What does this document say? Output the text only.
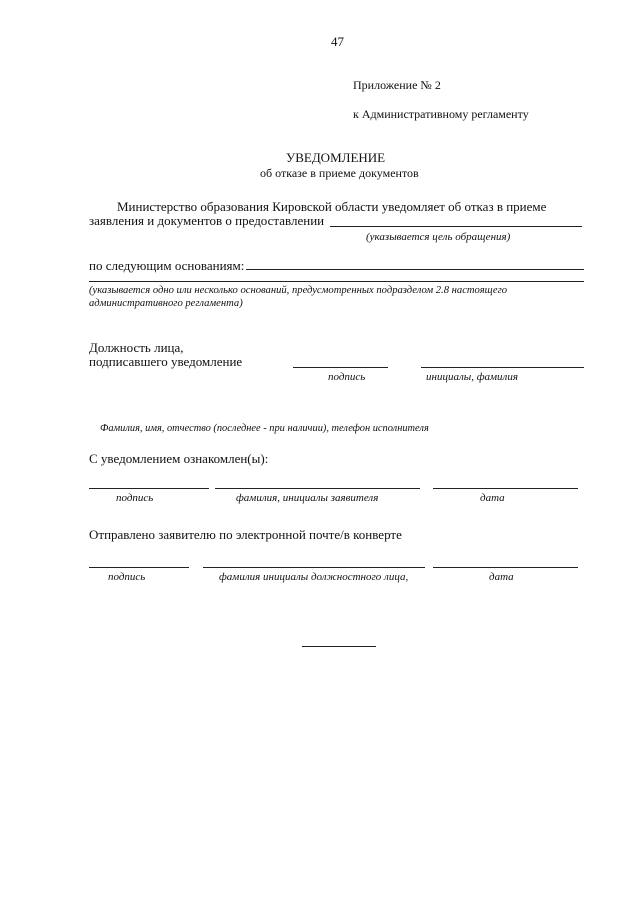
47
Приложение № 2
к Административному регламенту
УВЕДОМЛЕНИЕ
об отказе в приеме документов
Министерство образования Кировской области уведомляет об отказ в приеме
заявления и документов о предоставлении
(указывается цель обращения)
по следующим основаниям:
(указывается одно или несколько оснований, предусмотренных подразделом 2.8 настоящего
административного регламента)
Должность лица,
подписавшего уведомление
подпись	инициалы, фамилия
Фамилия, имя, отчество (последнее - при наличии), телефон исполнителя
С уведомлением ознакомлен(ы):
подпись	фамилия, инициалы заявителя	дата
Отправлено заявителю по электронной почте/в конверте
подпись	фамилия инициалы должностного лица,	дата
